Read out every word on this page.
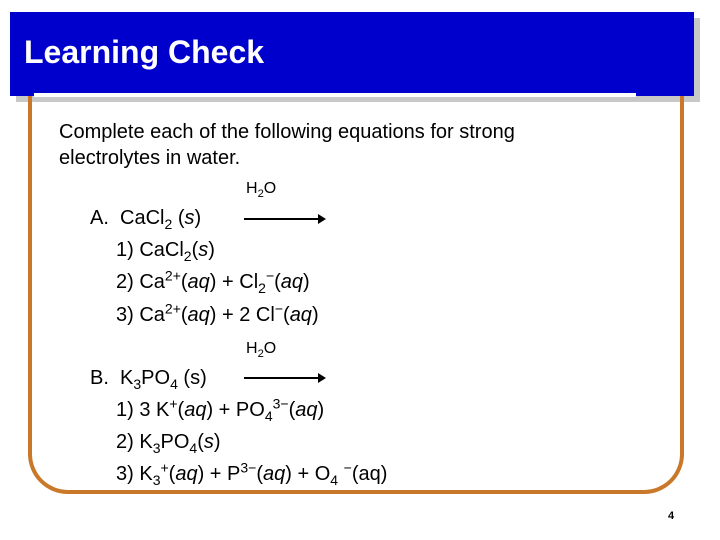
Learning Check
Complete each of the following equations for strong
electrolytes in water.
$H_2O$
A.  CaCl$_2$ (s)
1) CaCl$_2$(s)
2) $Ca^{2+}(aq) + Cl_2^-(aq)$
3) $Ca^{2+}(aq) + 2$ Cl−(aq)
$H_2O$
B.  $K_3PO_4$ (s)
1) 3 $K^+(aq) + PO_4^{3-}(aq)$
2) $K_3PO_4(s)$
3) $K_3^+(aq) + P^{3-}(aq) + O_4$ −(aq)
4
